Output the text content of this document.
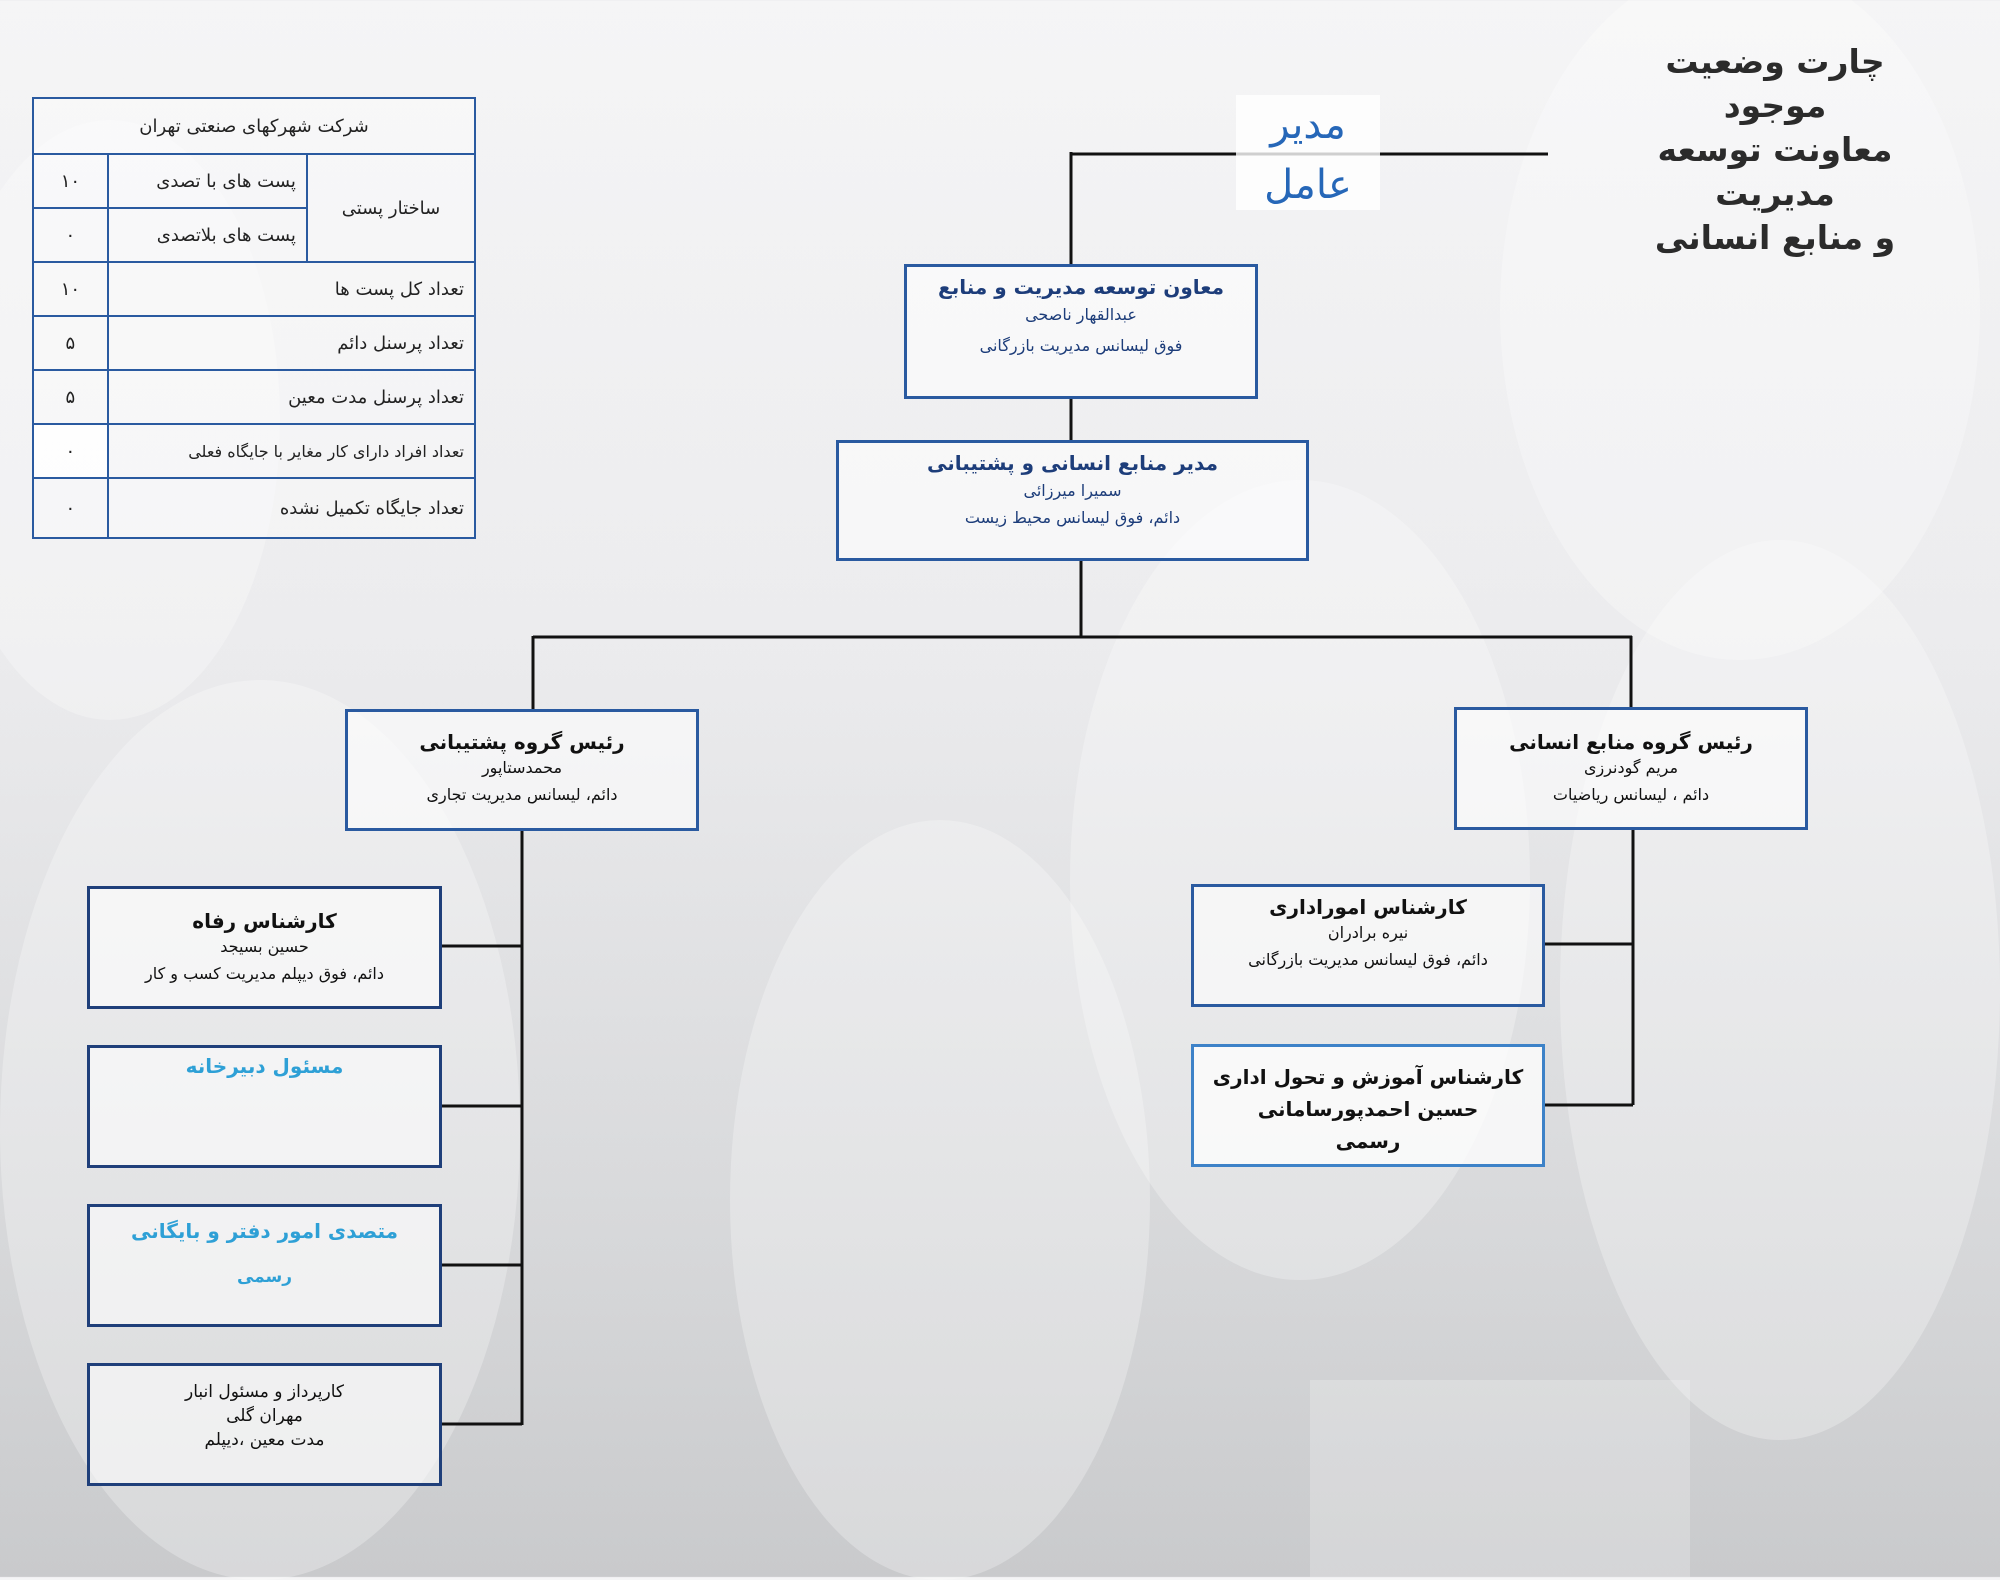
چارت وضعیت موجود
معاونت توسعه مدیریت
و منابع انسانی
مدیر عامل
شرکت شهرکهای صنعتی تهران		
ساختار پستی	پست های با تصدی	۱۰
	پست های بلاتصدی	۰
تعداد کل پست ها		۱۰
تعداد پرسنل دائم		۵
تعداد پرسنل مدت معین		۵
تعداد افراد دارای کار مغایر با جایگاه فعلی		۰
تعداد جایگاه تکمیل نشده		۰
معاون توسعه مدیریت و منابع
عبدالقهار ناصحی
فوق لیسانس مدیریت بازرگانی
مدیر منابع انسانی و پشتیبانی
سمیرا میرزائی
دائم، فوق لیسانس محیط زیست
رئیس گروه پشتیبانی
محمدستاپور
دائم، لیسانس مدیریت تجاری
رئیس گروه منابع انسانی
مریم گودنرزی
دائم ، لیسانس ریاضیات
کارشناس رفاه
حسین بسیجد
دائم، فوق دیپلم مدیریت کسب و کار
مسئول دبیرخانه
متصدی امور دفتر و بایگانی
رسمی
کارپرداز و مسئول انبار
مهران گلی
مدت معین ،دیپلم
کارشناس اموراداری
نیره برادران
دائم، فوق لیسانس مدیریت بازرگانی
کارشناس آموزش و تحول اداری
حسین احمدپورسامانی
رسمی
